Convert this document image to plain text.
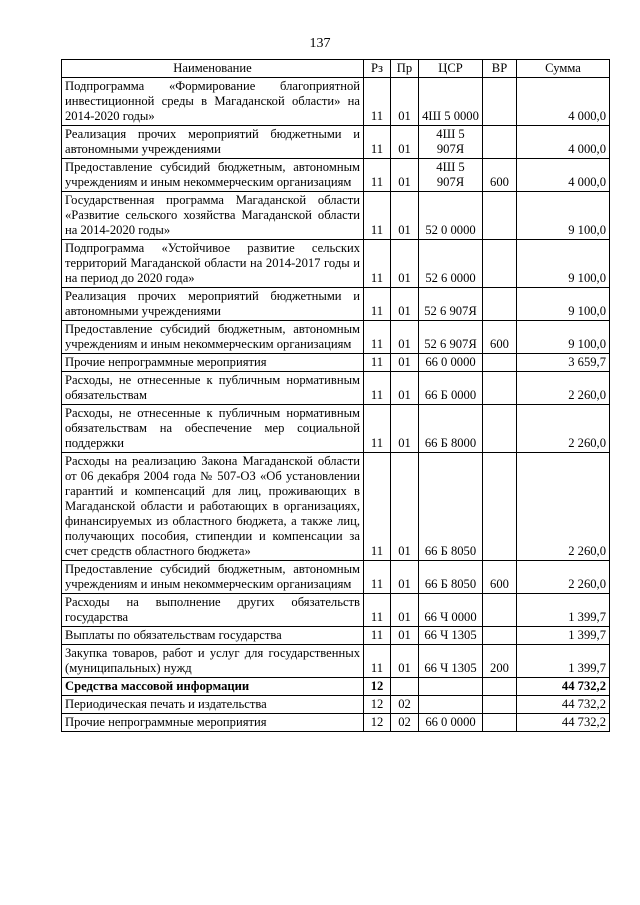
137
Наименование	Рз	Пр	ЦСР	ВР	Сумма
Подпрограмма «Формирование благоприятной инвестиционной среды в Магаданской области» на 2014-2020 годы»	11	01	4Ш 5 0000		4 000,0
Реализация прочих мероприятий бюджетными и автономными учреждениями	11	01	4Ш 5 907Я		4 000,0
Предоставление субсидий бюджетным, автономным учреждениям и иным некоммерческим организациям	11	01	4Ш 5 907Я	600	4 000,0
Государственная программа Магаданской области «Развитие сельского хозяйства Магаданской области на 2014-2020 годы»	11	01	52 0 0000		9 100,0
Подпрограмма «Устойчивое развитие сельских территорий Магаданской области на 2014-2017 годы и на период до 2020 года»	11	01	52 6 0000		9 100,0
Реализация прочих мероприятий бюджетными и автономными учреждениями	11	01	52 6 907Я		9 100,0
Предоставление субсидий бюджетным, автономным учреждениям и иным некоммерческим организациям	11	01	52 6 907Я	600	9 100,0
Прочие непрограммные мероприятия	11	01	66 0 0000		3 659,7
Расходы, не отнесенные к публичным нормативным обязательствам	11	01	66 Б 0000		2 260,0
Расходы, не отнесенные к публичным нормативным обязательствам на обеспечение мер социальной поддержки	11	01	66 Б 8000		2 260,0
Расходы на реализацию Закона Магаданской области от 06 декабря 2004 года № 507-ОЗ «Об установлении гарантий и компенсаций для лиц, проживающих в Магаданской области и работающих в организациях, финансируемых из областного бюджета, а также лиц, получающих пособия, стипендии и компенсации за счет средств областного бюджета»	11	01	66 Б 8050		2 260,0
Предоставление субсидий бюджетным, автономным учреждениям и иным некоммерческим организациям	11	01	66 Б 8050	600	2 260,0
Расходы на выполнение других обязательств государства	11	01	66 Ч 0000		1 399,7
Выплаты по обязательствам государства	11	01	66 Ч 1305		1 399,7
Закупка товаров, работ и услуг для государственных (муниципальных) нужд	11	01	66 Ч 1305	200	1 399,7
Средства массовой информации	12				44 732,2
Периодическая печать и издательства	12	02			44 732,2
Прочие непрограммные мероприятия	12	02	66 0 0000		44 732,2
